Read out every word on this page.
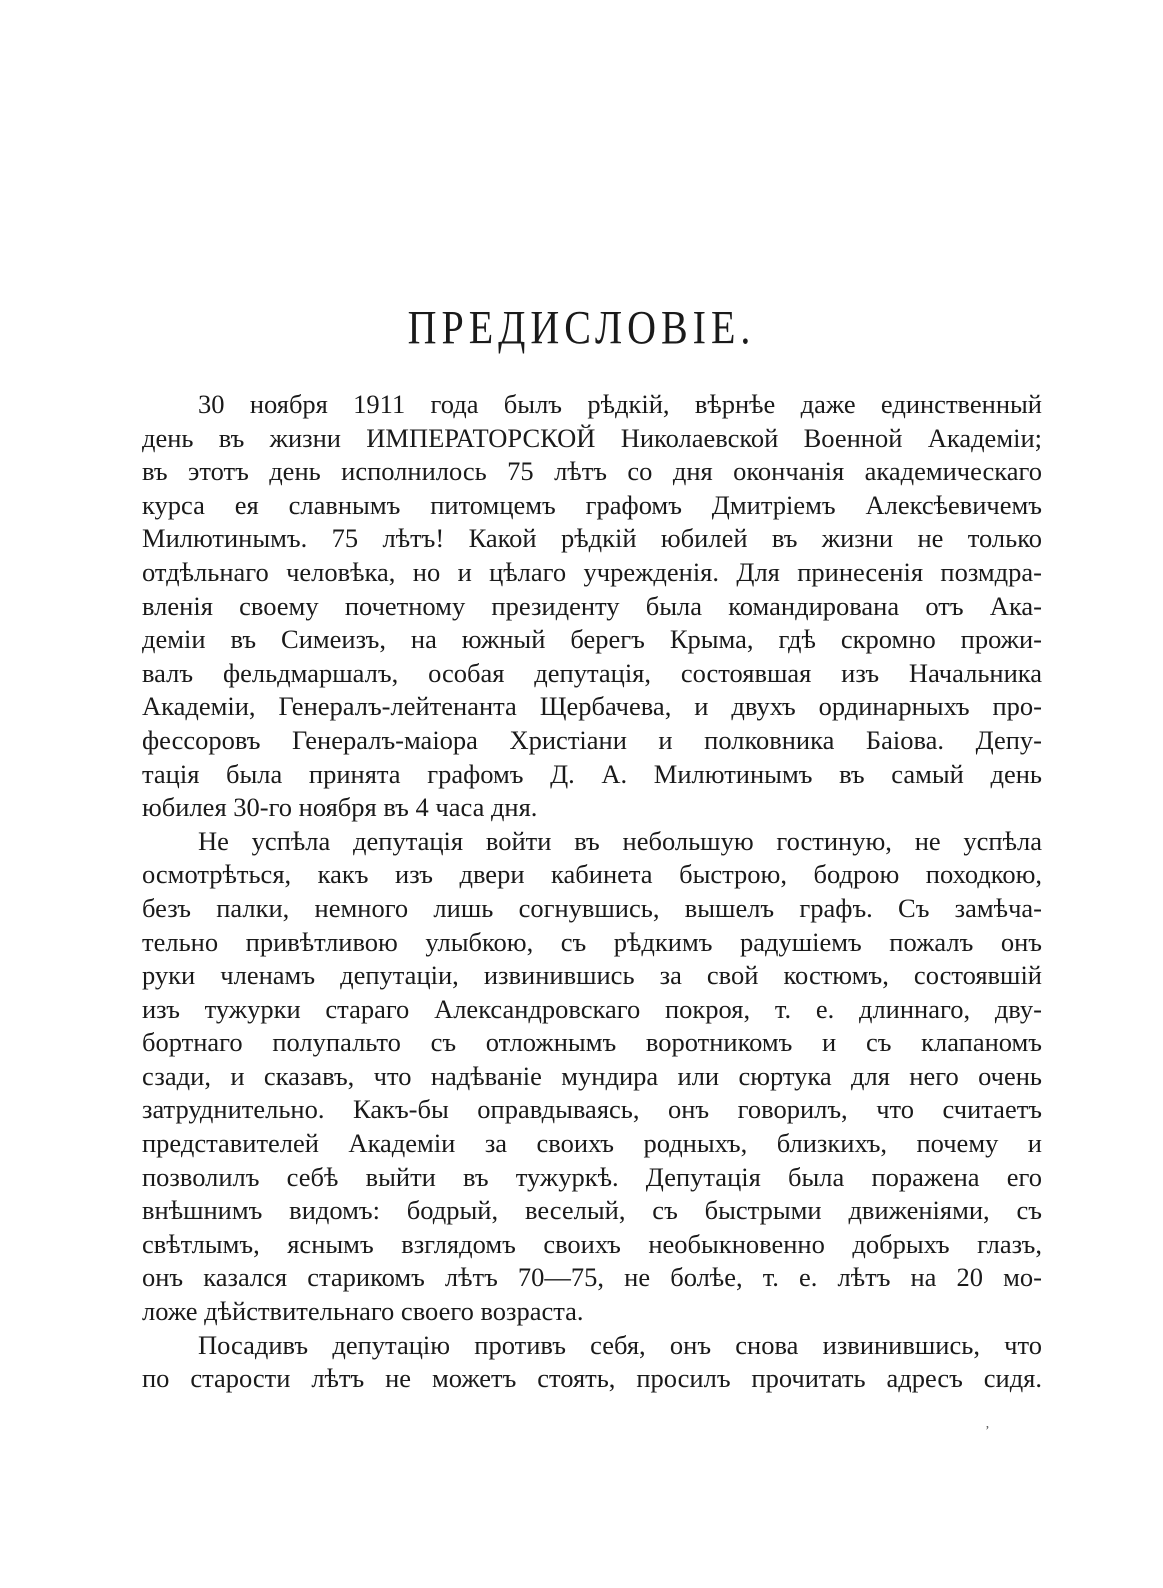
ПРЕДИСЛОВІЕ.
30 ноября 1911 года былъ рѣдкій, вѣрнѣе даже единственный
день въ жизни ИМПЕРАТОРСКОЙ Николаевской Военной Академіи;
въ этотъ день исполнилось 75 лѣтъ со дня окончанія академическаго
курса ея славнымъ питомцемъ графомъ Дмитріемъ Алексѣевичемъ
Милютинымъ. 75 лѣтъ! Какой рѣдкій юбилей въ жизни не только
отдѣльнаго человѣка, но и цѣлаго учрежденія. Для принесенія позмдра-
вленія своему почетному президенту была командирована отъ Ака-
деміи въ Симеизъ, на южный берегъ Крыма, гдѣ скромно прожи-
валъ фельдмаршалъ, особая депутація, состоявшая изъ Начальника
Академіи, Генералъ-лейтенанта Щербачева, и двухъ ординарныхъ про-
фессоровъ Генералъ-маіора Христіани и полковника Баіова. Депу-
тація была принята графомъ Д. А. Милютинымъ въ самый день
юбилея 30-го ноября въ 4 часа дня.
Не успѣла депутація войти въ небольшую гостиную, не успѣла
осмотрѣться, какъ изъ двери кабинета быстрою, бодрою походкою,
безъ палки, немного лишь согнувшись, вышелъ графъ. Съ замѣча-
тельно привѣтливою улыбкою, съ рѣдкимъ радушіемъ пожалъ онъ
руки членамъ депутаціи, извинившись за свой костюмъ, состоявшій
изъ тужурки стараго Александровскаго покроя, т. е. длиннаго, дву-
бортнаго полупальто съ отложнымъ воротникомъ и съ клапаномъ
сзади, и сказавъ, что надѣваніе мундира или сюртука для него очень
затруднительно. Какъ-бы оправдываясь, онъ говорилъ, что считаетъ
представителей Академіи за своихъ родныхъ, близкихъ, почему и
позволилъ себѣ выйти въ тужуркѣ. Депутація была поражена его
внѣшнимъ видомъ: бодрый, веселый, съ быстрыми движеніями, съ
свѣтлымъ, яснымъ взглядомъ своихъ необыкновенно добрыхъ глазъ,
онъ казался старикомъ лѣтъ 70—75, не болѣе, т. е. лѣтъ на 20 мо-
ложе дѣйствительнаго своего возраста.
Посадивъ депутацію противъ себя, онъ снова извинившись, что
по старости лѣтъ не можетъ стоять, просилъ прочитать адресъ сидя.
ʼ
